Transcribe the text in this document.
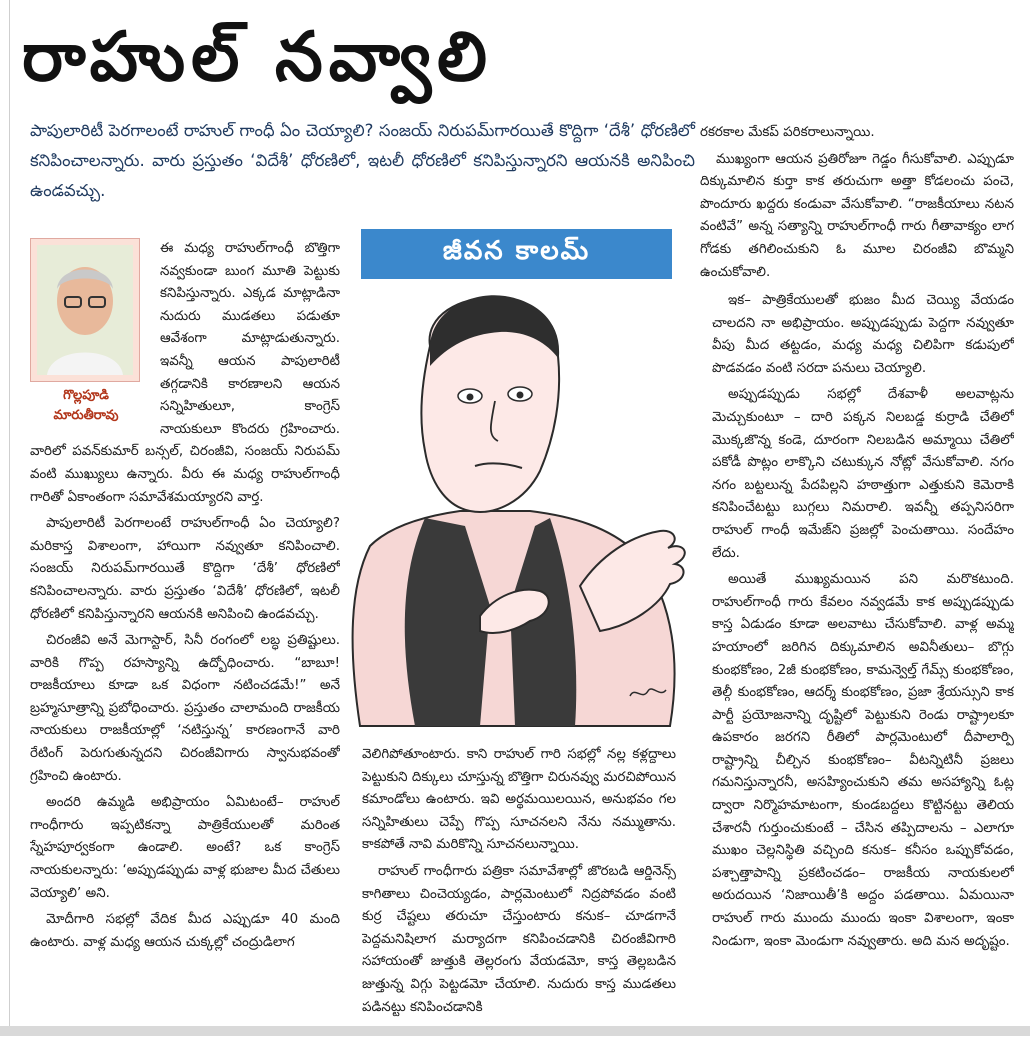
రాహుల్ నవ్వాలి

పాపులారిటీ పెరగాలంటే రాహుల్ గాంధీ ఏం చెయ్యాలి? సంజయ్ నిరుపమ్‌గారయితే కొద్దిగా ‘దేశీ’ ధోరణిలో కనిపించాలన్నారు. వారు ప్రస్తుతం ‘విదేశీ’ ధోరణిలో, ఇటలీ ధోరణిలో కనిపిస్తున్నారని ఆయనకి అనిపించి ఉండవచ్చు.

జీవన కాలమ్
గొల్లపూడి
మారుతీరావు

ఈ మధ్య రాహుల్‌గాంధీ బొత్తిగా నవ్వకుండా బుంగ మూతి పెట్టుకు కనిపిస్తున్నారు. ఎక్కడ మాట్లాడినా నుదురు ముడతలు పడుతూ ఆవేశంగా మాట్లాడుతున్నారు. ఇవన్నీ ఆయన పాపులారిటీ తగ్గడానికి కారణాలని ఆయన సన్నిహితులూ, కాంగ్రెస్ నాయకులూ కొందరు గ్రహించారు. వారిలో పవన్‌కుమార్ బన్సల్, చిరంజీవి, సంజయ్ నిరుపమ్ వంటి ముఖ్యులు ఉన్నారు. వీరు ఈ మధ్య రాహుల్‌గాంధీ గారితో ఏకాంతంగా సమావేశమయ్యారని వార్త.

పాపులారిటీ పెరగాలంటే రాహుల్‌గాంధీ ఏం చెయ్యాలి? మరికాస్త విశాలంగా, హాయిగా నవ్వుతూ కనిపించాలి. సంజయ్ నిరుపమ్‌గారయితే కొద్దిగా ‘దేశీ’ ధోరణిలో కనిపించాలన్నారు. వారు ప్రస్తుతం ‘విదేశీ’ ధోరణిలో, ఇటలీ ధోరణిలో కనిపిస్తున్నారని ఆయనకి అనిపించి ఉండవచ్చు.

చిరంజీవి అనే మెగాస్టార్, సినీ రంగంలో లబ్ధ ప్రతిష్టులు. వారికి గొప్ప రహస్యాన్ని ఉద్బోధించారు. “బాబూ! రాజకీయాలు కూడా ఒక విధంగా నటించడమే!” అనే బ్రహ్మసూత్రాన్ని ప్రబోధించారు. ప్రస్తుతం చాలామంది రాజకీయ నాయకులు రాజకీయాల్లో ‘నటిస్తున్న’ కారణంగానే వారి రేటింగ్ పెరుగుతున్నదని చిరంజీవిగారు స్వానుభవంతో గ్రహించి ఉంటారు.

అందరి ఉమ్మడి అభిప్రాయం ఏమిటంటే– రాహుల్ గాంధీగారు ఇప్పటికన్నా పాత్రికేయులతో మరింత స్నేహపూర్వకంగా ఉండాలి. అంటే? ఒక కాంగ్రెస్ నాయకులన్నారు: ‘అప్పుడప్పుడు వాళ్ల భుజాల మీద చేతులు వెయ్యాలి’ అని.

మోదీగారి సభల్లో వేదిక మీద ఎప్పుడూ 40 మంది ఉంటారు. వాళ్ల మధ్య ఆయన చుక్కల్లో చంద్రుడిలాగ

వెలిగిపోతూంటారు. కాని రాహుల్ గారి సభల్లో నల్ల కళ్లద్దాలు పెట్టుకుని దిక్కులు చూస్తున్న బొత్తిగా చిరునవ్వు మరచిపోయిన కమాండోలు ఉంటారు. ఇవి అర్థమయిలయిన, అనుభవం గల సన్నిహితులు చెప్పే గొప్ప సూచనలని నేను నమ్ముతాను. కాకపోతే నావి మరికొన్ని సూచనలున్నాయి.

రాహుల్ గాంధీగారు పత్రికా సమావేశాల్లో జొరబడి ఆర్డినెన్స్ కాగితాలు చించెయ్యడం, పార్లమెంటులో నిద్రపోవడం వంటి కుర్ర చేష్టలు తరుచూ చేస్తుంటారు కనుక– చూడగానే పెద్దమనిషిలాగ మర్యాదగా కనిపించడానికి చిరంజీవిగారి సహాయంతో జుత్తుకి తెల్లరంగు వేయడమో, కాస్త తెల్లబడిన జుత్తున్న విగ్గు పెట్టడమో చేయాలి. నుదురు కాస్త ముడతలు పడినట్టు కనిపించడానికి

రకరకాల మేకప్ పరికరాలున్నాయి.

ముఖ్యంగా ఆయన ప్రతిరోజూ గెడ్డం గీసుకోవాలి. ఎప్పుడూ దిక్కుమాలిన కుర్తా కాక తరుచుగా అత్తా కోడలంచు పంచె, పొందూరు ఖద్దరు కండువా వేసుకోవాలి. “రాజకీయాలు నటన వంటివే” అన్న సత్యాన్ని రాహుల్‌గాంధీ గారు గీతావాక్యం లాగ గోడకు తగిలించుకుని ఓ మూల చిరంజీవి బొమ్మని ఉంచుకోవాలి.

ఇక– పాత్రికేయులతో భుజం మీద చెయ్యి వేయడం చాలదని నా అభిప్రాయం. అప్పుడప్పుడు పెద్దగా నవ్వుతూ వీపు మీద తట్టడం, మధ్య మధ్య చిలిపిగా కడుపులో పొడవడం వంటి సరదా పనులు చెయ్యాలి.

అప్పుడప్పుడు సభల్లో దేశవాళీ అలవాట్లను మెచ్చుకుంటూ – దారి పక్కన నిలబడ్డ కుర్రాడి చేతిలో మొక్కజొన్న కండె, దూరంగా నిలబడిన అమ్మాయి చేతిలో పకోడీ పొట్లం లాక్కొని చటుక్కున నోట్లో వేసుకోవాలి. నగం నగం బట్టలున్న పేదపిల్లని హఠాత్తుగా ఎత్తుకుని కెమెరాకి కనిపించేటట్టు బుగ్గలు నిమరాలి. ఇవన్నీ తప్పనిసరిగా రాహుల్ గాంధీ ఇమేజ్‌ని ప్రజల్లో పెంచుతాయి. సందేహం లేదు.

అయితే ముఖ్యమయిన పని మరొకటుంది. రాహుల్‌గాంధీ గారు కేవలం నవ్వడమే కాక అప్పుడప్పుడు కాస్త ఏడుడం కూడా అలవాటు చేసుకోవాలి. వాళ్ల అమ్మ హయాంలో జరిగిన దిక్కుమాలిన అవినీతులు– బొగ్గు కుంభకోణం, 2జీ కుంభకోణం, కామన్వెల్త్ గేమ్స్ కుంభకోణం, తెల్గీ కుంభకోణం, ఆదర్శ్ కుంభకోణం, ప్రజా శ్రేయస్సుని కాక పార్టీ ప్రయోజనాన్ని దృష్టిలో పెట్టుకుని రెండు రాష్ట్రాలకూ ఉపకారం జరగని రీతిలో పార్లమెంటులో దీపాలార్పి రాష్ట్రాన్ని చీల్చిన కుంభకోణం– వీటన్నిటినీ ప్రజలు గమనిస్తున్నారనీ, అసహ్యించుకుని తమ అసహ్యాన్ని ఓట్ల ద్వారా నిర్మొహమాటంగా, కుండబద్దలు కొట్టినట్టు తెలియ చేశారనీ గుర్తుంచుకుంటే – చేసిన తప్పిదాలను – ఎలాగూ ముఖం చెల్లనిస్థితి వచ్చింది కనుక– కనీసం ఒప్పుకోవడం, పశ్చాత్తాపాన్ని ప్రకటించడం– రాజకీయ నాయకులలో అరుదయిన ‘నిజాయితీ’కి అద్దం పడతాయి. ఏమయినా రాహుల్ గారు ముందు ముందు ఇంకా విశాలంగా, ఇంకా నిండుగా, ఇంకా మెండుగా నవ్వుతారు. అది మన అదృష్టం.
